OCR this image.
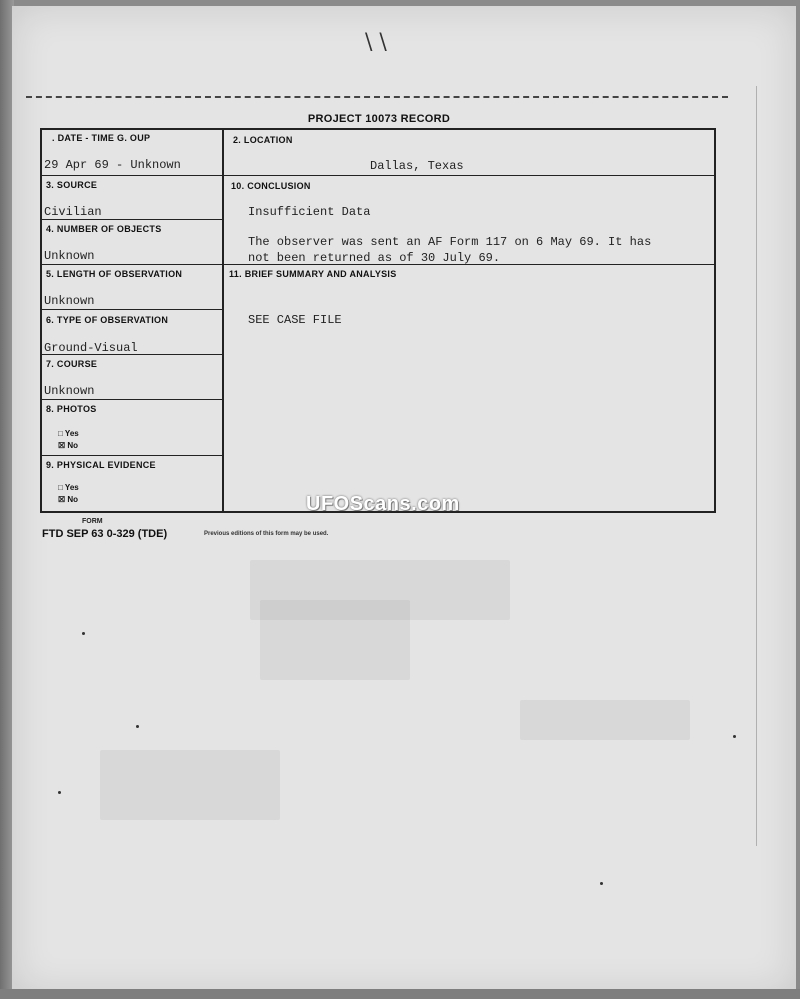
\ \
PROJECT 10073 RECORD
. DATE - TIME G. OUP
29 Apr 69 - Unknown
2. LOCATION
Dallas, Texas
3. SOURCE
Civilian
10. CONCLUSION
Insufficient Data
The observer was sent an AF Form 117 on 6 May 69. It has
not been returned as of 30 July 69.
4. NUMBER OF OBJECTS
Unknown
5. LENGTH OF OBSERVATION
Unknown
11. BRIEF SUMMARY AND ANALYSIS
SEE CASE FILE
6. TYPE OF OBSERVATION
Ground-Visual
7. COURSE
Unknown
8. PHOTOS
□ Yes
☒ No
9. PHYSICAL EVIDENCE
□ Yes
☒ No
FORM
FTD SEP 63 0-329 (TDE)	Previous editions of this form may be used.
UFOScans.com
